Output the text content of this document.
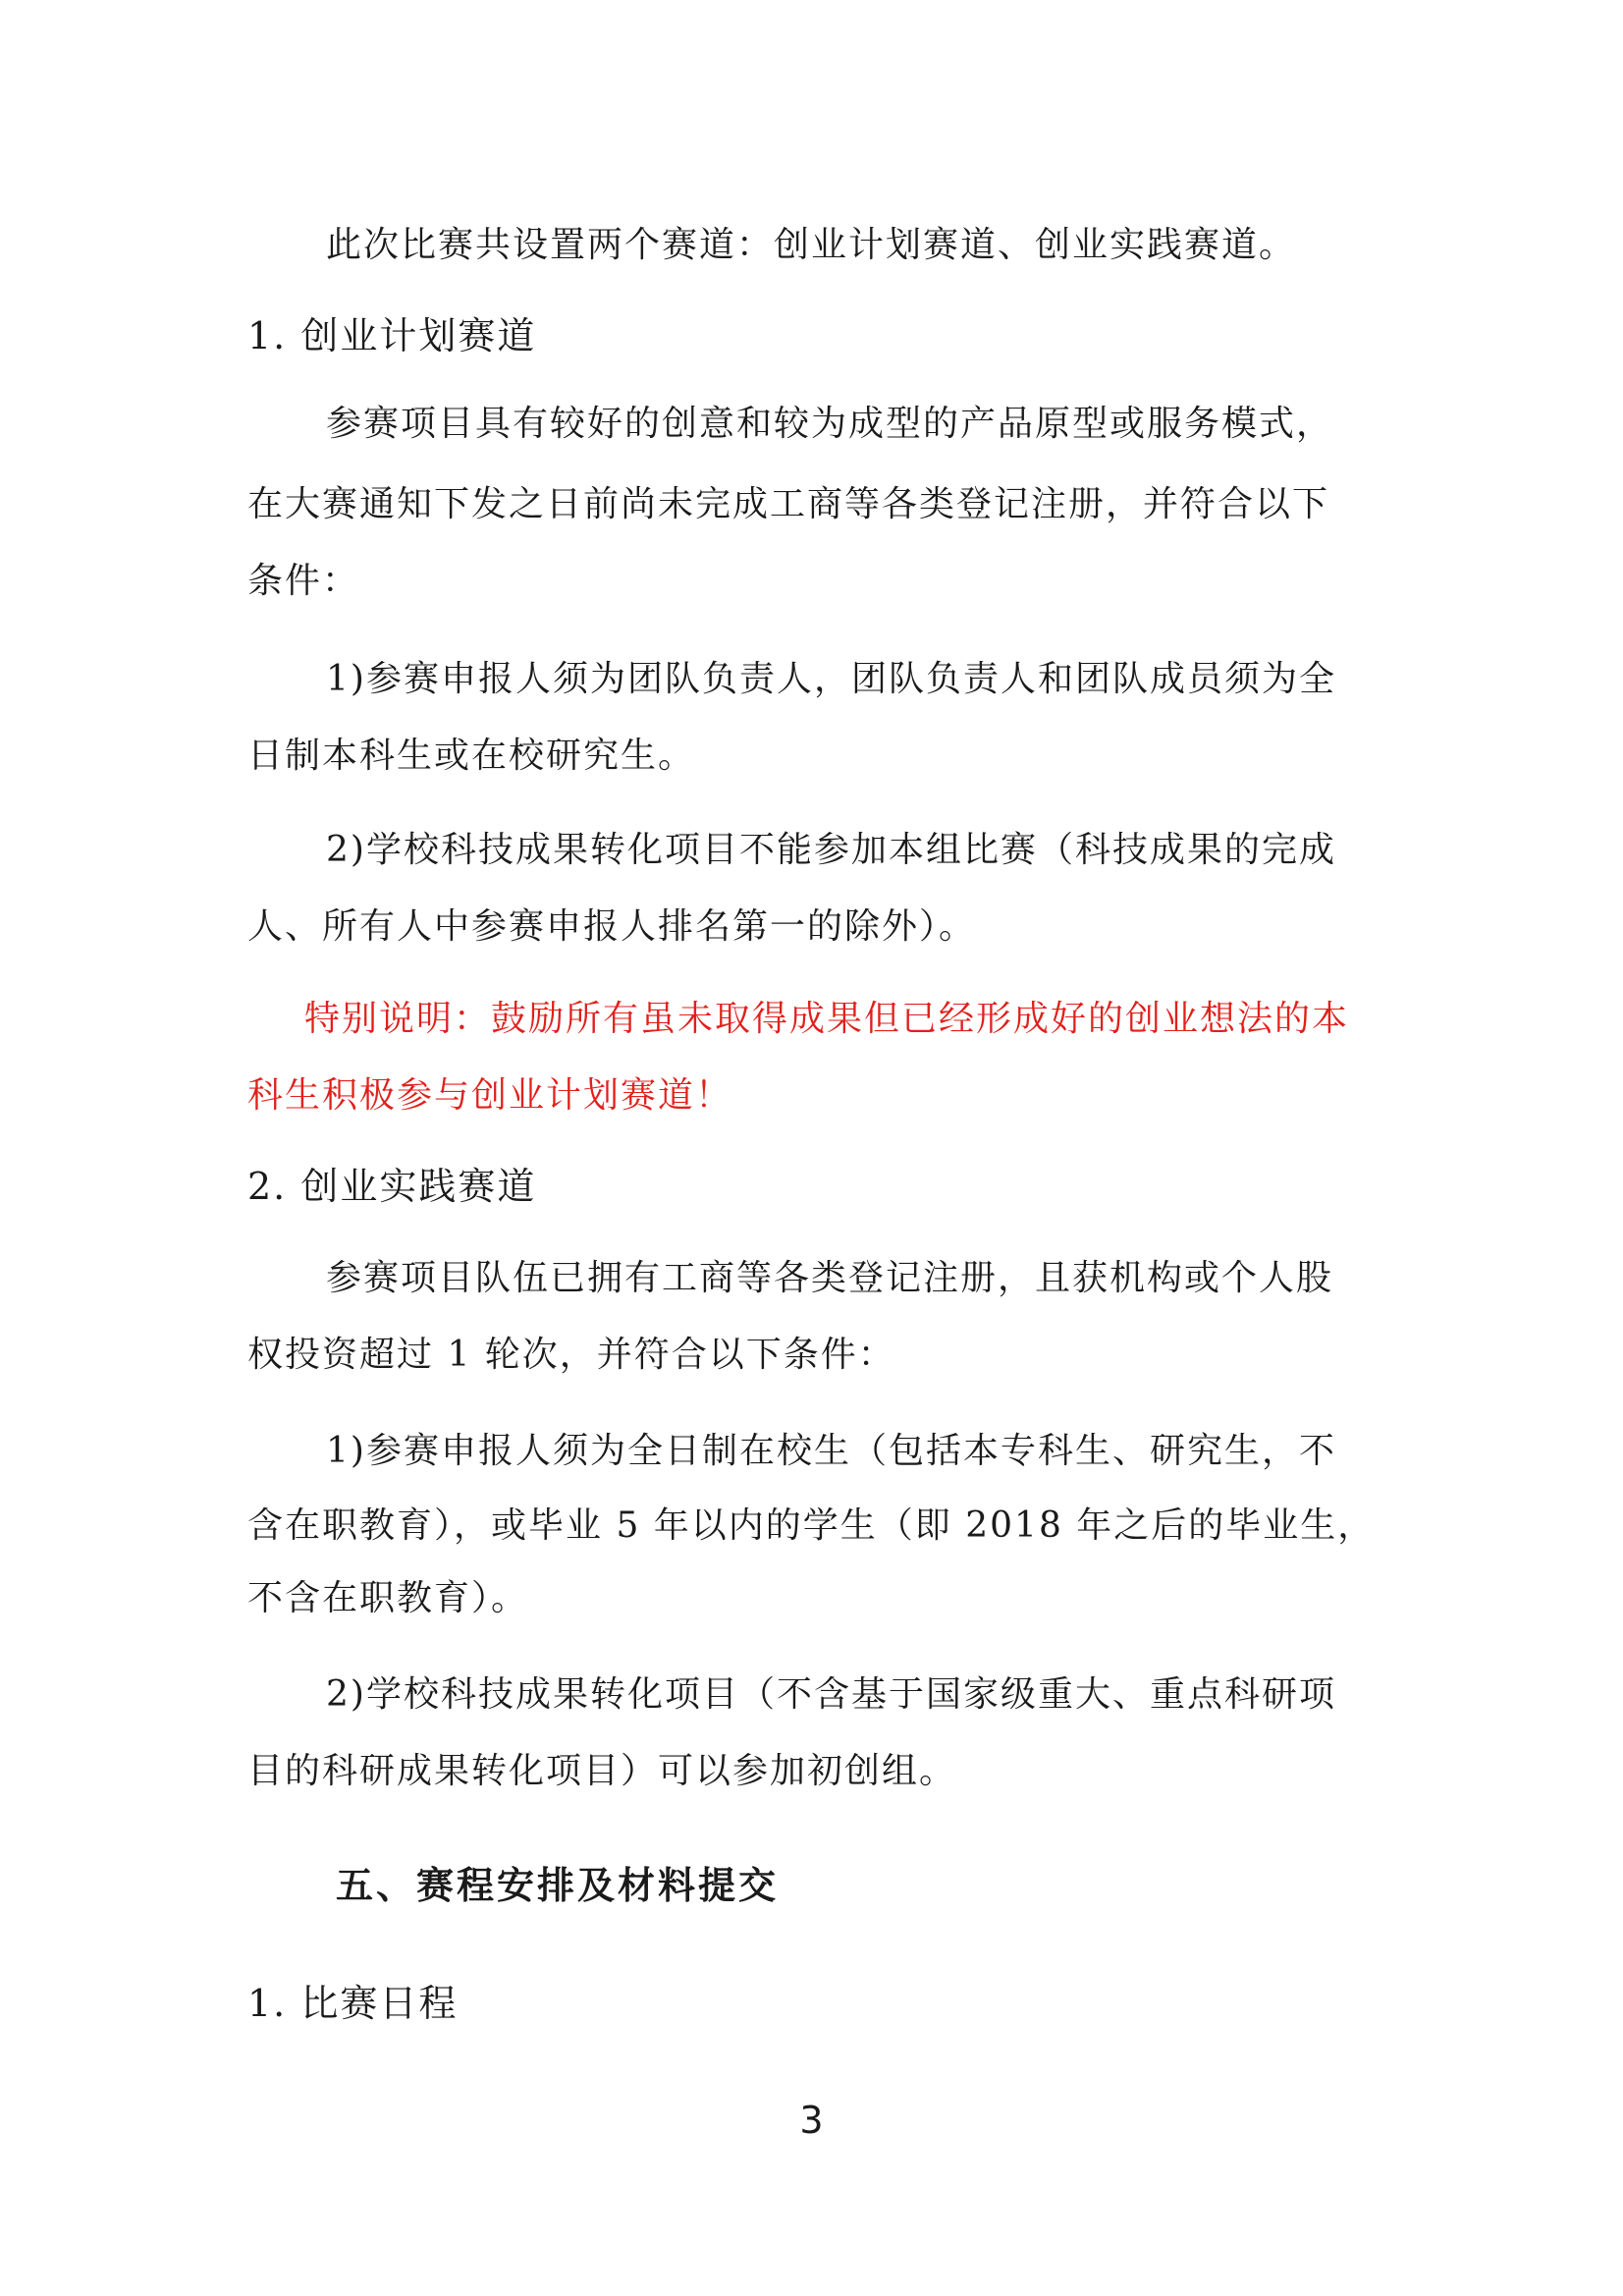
此次比赛共设置两个赛道：创业计划赛道、创业实践赛道。
1. 创业计划赛道
参赛项目具有较好的创意和较为成型的产品原型或服务模式，
在大赛通知下发之日前尚未完成工商等各类登记注册，并符合以下
条件：
1)参赛申报人须为团队负责人，团队负责人和团队成员须为全
日制本科生或在校研究生。
2)学校科技成果转化项目不能参加本组比赛（科技成果的完成
人、所有人中参赛申报人排名第一的除外）。
特别说明：鼓励所有虽未取得成果但已经形成好的创业想法的本
科生积极参与创业计划赛道！
2. 创业实践赛道
参赛项目队伍已拥有工商等各类登记注册，且获机构或个人股
权投资超过 1 轮次，并符合以下条件：
1)参赛申报人须为全日制在校生（包括本专科生、研究生，不
含在职教育），或毕业 5 年以内的学生（即 2018 年之后的毕业生，
不含在职教育）。
2)学校科技成果转化项目（不含基于国家级重大、重点科研项
目的科研成果转化项目）可以参加初创组。
五、赛程安排及材料提交
1. 比赛日程
3
